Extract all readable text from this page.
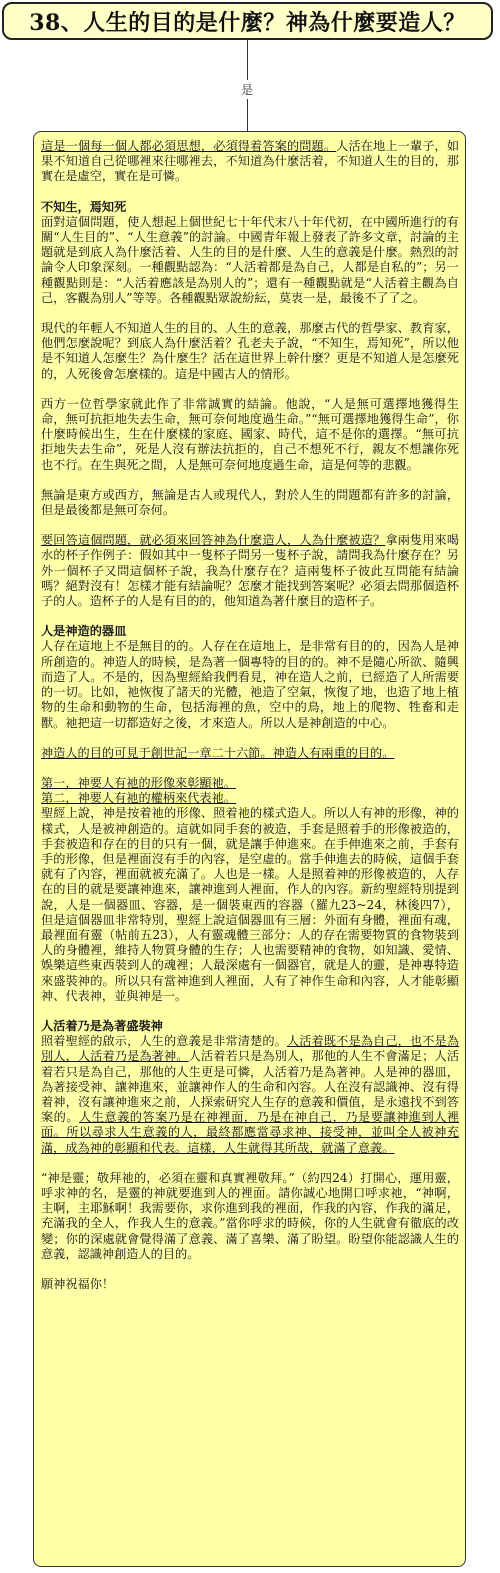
38、人生的目的是什麼？神為什麼要造人？
是

這是一個每一個人都必須思想，必須得着答案的問題。人活在地上一輩子，如果不知道自己從哪裡來往哪裡去，不知道為什麼活着，不知道人生的目的，那實在是虛空，實在是可憐。

不知生，焉知死

面對這個問題，使人想起上個世紀七十年代末八十年代初，在中國所進行的有關“人生目的”、“人生意義”的討論。中國青年報上發表了許多文章，討論的主題就是到底人為什麼活着、人生的目的是什麼、人生的意義是什麼。熱烈的討論令人印象深刻。一種觀點認為：“人活着都是為自己，人都是自私的”；另一種觀點則是：“人活着應該是為別人的”；還有一種觀點就是“人活着主觀為自己，客觀為別人”等等。各種觀點眾說紛紜，莫衷一是，最後不了了之。

現代的年輕人不知道人生的目的、人生的意義，那麼古代的哲學家、教育家，他們怎麼說呢？到底人為什麼活着？孔老夫子說，“不知生，焉知死”，所以他是不知道人怎麼生？為什麼生？活在這世界上幹什麼？更是不知道人是怎麼死的，人死後會怎麼樣的。這是中國古人的情形。

西方一位哲學家就此作了非常誠實的結論。他說，“人是無可選擇地獲得生命，無可抗拒地失去生命，無可奈何地度過生命。”“無可選擇地獲得生命”，你什麼時候出生，生在什麼樣的家庭、國家、時代，這不是你的選擇。“無可抗拒地失去生命”，死是人沒有辦法抗拒的，自己不想死不行，親友不想讓你死也不行。在生與死之間，人是無可奈何地度過生命，這是何等的悲觀。

無論是東方或西方，無論是古人或現代人，對於人生的問題都有許多的討論，但是最後都是無可奈何。

要回答這個問題，就必須來回答神為什麼造人，人為什麼被造？拿兩隻用來喝水的杯子作例子：假如其中一隻杯子問另一隻杯子說，請問我為什麼存在？另外一個杯子又問這個杯子說，我為什麼存在？這兩隻杯子彼此互問能有結論嗎？絕對沒有！怎樣才能有結論呢？怎麼才能找到答案呢？必須去問那個造杯子的人。造杯子的人是有目的的，他知道為著什麼目的造杯子。

人是神造的器皿

人存在這地上不是無目的的。人存在在這地上，是非常有目的的，因為人是神所創造的。神造人的時候，是為著一個專特的目的的。神不是隨心所欲、隨興而造了人。不是的，因為聖經給我們看見，神在造人之前，已經造了人所需要的一切。比如，祂恢復了諸天的光體，祂造了空氣，恢復了地，也造了地上植物的生命和動物的生命，包括海裡的魚，空中的鳥，地上的爬物、牲畜和走獸。祂把這一切都造好之後，才來造人。所以人是神創造的中心。

神造人的目的可見于創世記一章二十六節。神造人有兩重的目的。

第一，神要人有祂的形像來彰顯祂。
第二，神要人有祂的權柄來代表祂。

聖經上說，神是按着祂的形像、照着祂的樣式造人。所以人有神的形像，神的樣式，人是被神創造的。這就如同手套的被造，手套是照着手的形像被造的，手套被造和存在的目的只有一個，就是讓手伸進來。在手伸進來之前，手套有手的形像，但是裡面沒有手的內容，是空虛的。當手伸進去的時候，這個手套就有了內容，裡面就被充滿了。人也是一樣。人是照着神的形像被造的，人存在的目的就是要讓神進來，讓神進到人裡面，作人的內容。新約聖經特別提到說，人是一個器皿、容器，是一個裝東西的容器（羅九23~24，林後四7），但是這個器皿非常特別，聖經上說這個器皿有三層：外面有身體，裡面有魂，最裡面有靈（帖前五23），人有靈魂體三部分：人的存在需要物質的食物裝到人的身體裡，維持人物質身體的生存；人也需要精神的食物，如知識、愛情、娛樂這些東西裝到人的魂裡；人最深處有一個器官，就是人的靈，是神專特造來盛裝神的。所以只有當神進到人裡面，人有了神作生命和內容，人才能彰顯神、代表神，並與神是一。

人活着乃是為著盛裝神

照着聖經的啟示，人生的意義是非常清楚的。人活着既不是為自己，也不是為別人，人活着乃是為著神。人活着若只是為別人，那他的人生不會滿足；人活着若只是為自己，那他的人生更是可憐，人活着乃是為著神。人是神的器皿，為著接受神、讓神進來，並讓神作人的生命和內容。人在沒有認識神、沒有得着神，沒有讓神進來之前，人探索研究人生存的意義和價值，是永遠找不到答案的。人生意義的答案乃是在神裡面，乃是在神自己，乃是要讓神進到人裡面。所以尋求人生意義的人，最終都應當尋求神、接受神，並叫全人被神充滿，成為神的彰顯和代表。這樣，人生就得其所哉，就滿了意義。

“神是靈；敬拜祂的，必須在靈和真實裡敬拜。”（約四24）打開心，運用靈，呼求神的名，是靈的神就要進到人的裡面。請你誠心地開口呼求祂，“神啊，主啊，主耶穌啊！我需要你，求你進到我的裡面，作我的內容，作我的滿足，充滿我的全人，作我人生的意義。”當你呼求的時候，你的人生就會有徹底的改變；你的深處就會覺得滿了意義、滿了喜樂、滿了盼望。盼望你能認識人生的意義，認識神創造人的目的。

願神祝福你！
